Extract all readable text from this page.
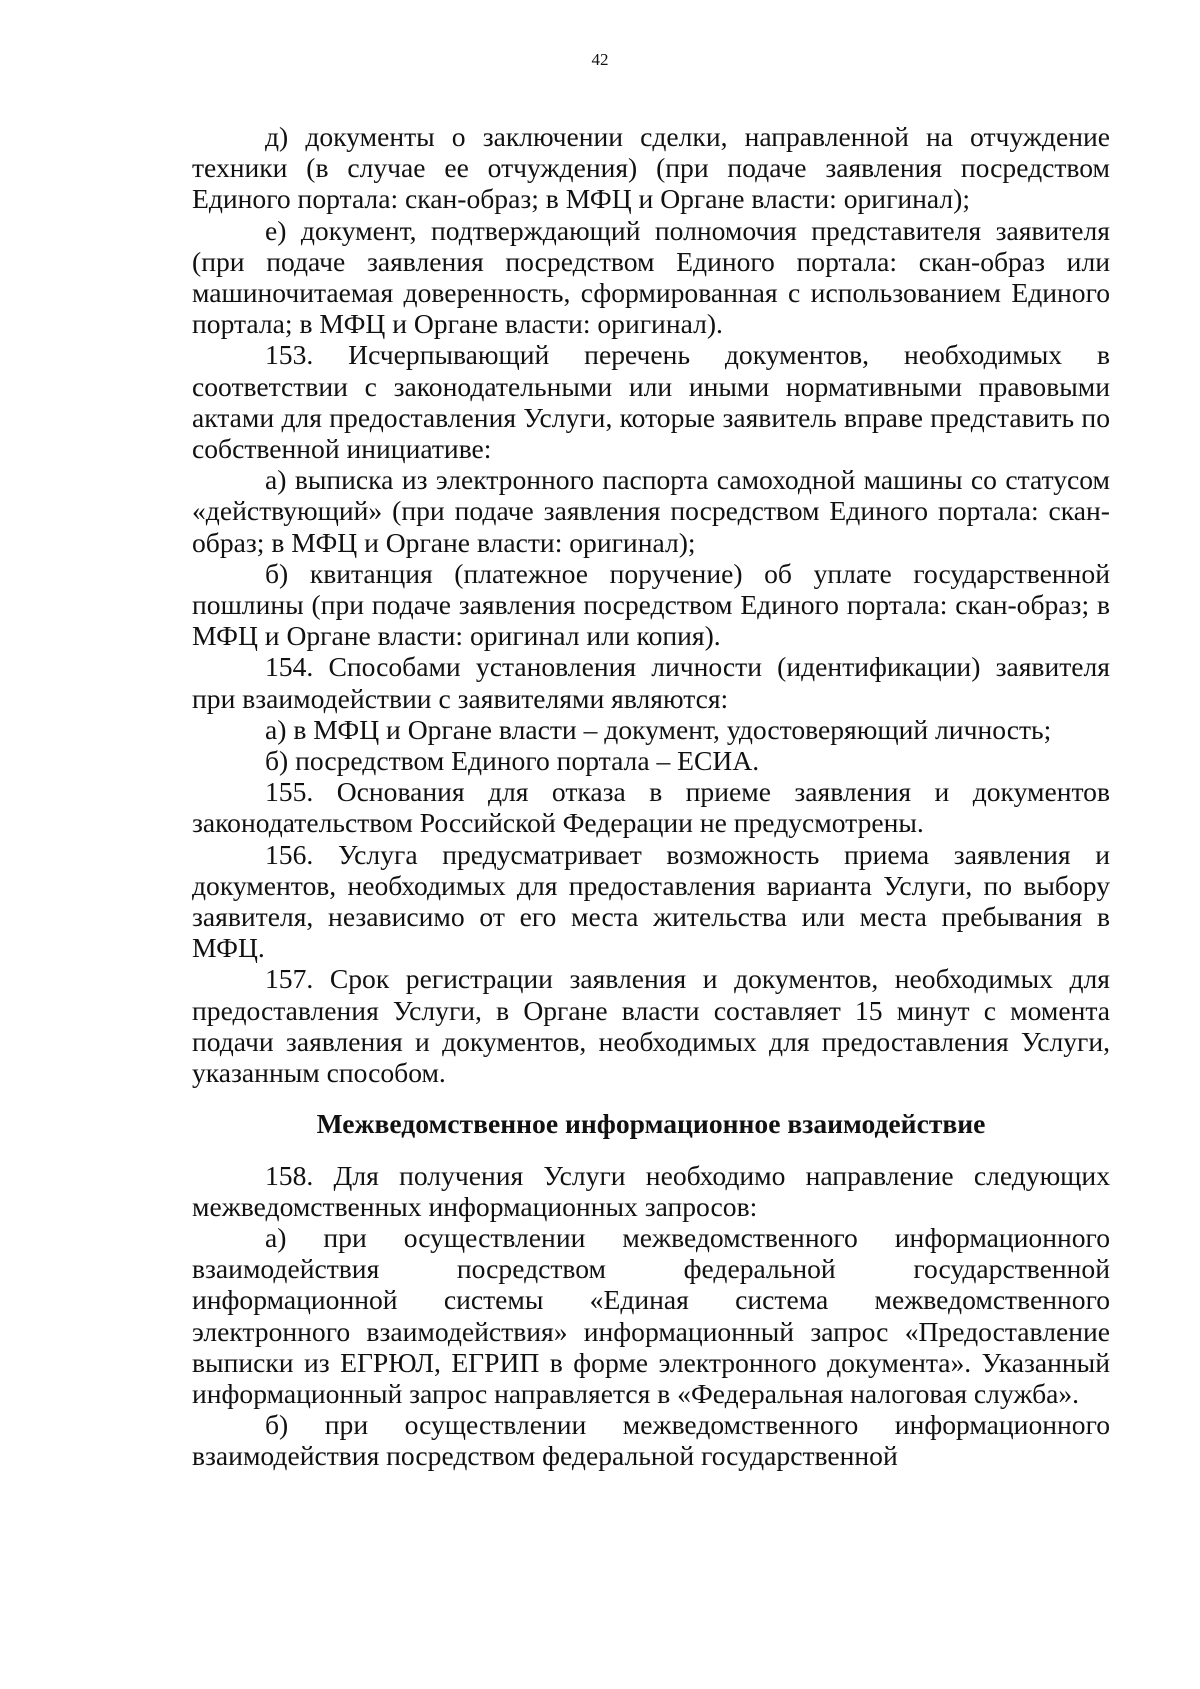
42

д) документы о заключении сделки, направленной на отчуждение техники (в случае ее отчуждения) (при подаче заявления посредством Единого портала: скан-образ; в МФЦ и Органе власти: оригинал);

е) документ, подтверждающий полномочия представителя заявителя (при подаче заявления посредством Единого портала: скан-образ или машиночитаемая доверенность, сформированная с использованием Единого портала; в МФЦ и Органе власти: оригинал).

153. Исчерпывающий перечень документов, необходимых в соответствии с законодательными или иными нормативными правовыми актами для предоставления Услуги, которые заявитель вправе представить по собственной инициативе:

а) выписка из электронного паспорта самоходной машины со статусом «действующий» (при подаче заявления посредством Единого портала: скан-образ; в МФЦ и Органе власти: оригинал);

б) квитанция (платежное поручение) об уплате государственной пошлины (при подаче заявления посредством Единого портала: скан-образ; в МФЦ и Органе власти: оригинал или копия).

154. Способами установления личности (идентификации) заявителя при взаимодействии с заявителями являются:

а) в МФЦ и Органе власти – документ, удостоверяющий личность;

б) посредством Единого портала – ЕСИА.

155. Основания для отказа в приеме заявления и документов законодательством Российской Федерации не предусмотрены.

156. Услуга предусматривает возможность приема заявления и документов, необходимых для предоставления варианта Услуги, по выбору заявителя, независимо от его места жительства или места пребывания в МФЦ.

157. Срок регистрации заявления и документов, необходимых для предоставления Услуги, в Органе власти составляет 15 минут с момента подачи заявления и документов, необходимых для предоставления Услуги, указанным способом.

Межведомственное информационное взаимодействие

158. Для получения Услуги необходимо направление следующих межведомственных информационных запросов:

а) при осуществлении межведомственного информационного взаимодействия посредством федеральной государственной информационной системы «Единая система межведомственного электронного взаимодействия» информационный запрос «Предоставление выписки из ЕГРЮЛ, ЕГРИП в форме электронного документа». Указанный информационный запрос направляется в «Федеральная налоговая служба».

б) при осуществлении межведомственного информационного взаимодействия посредством федеральной государственной
